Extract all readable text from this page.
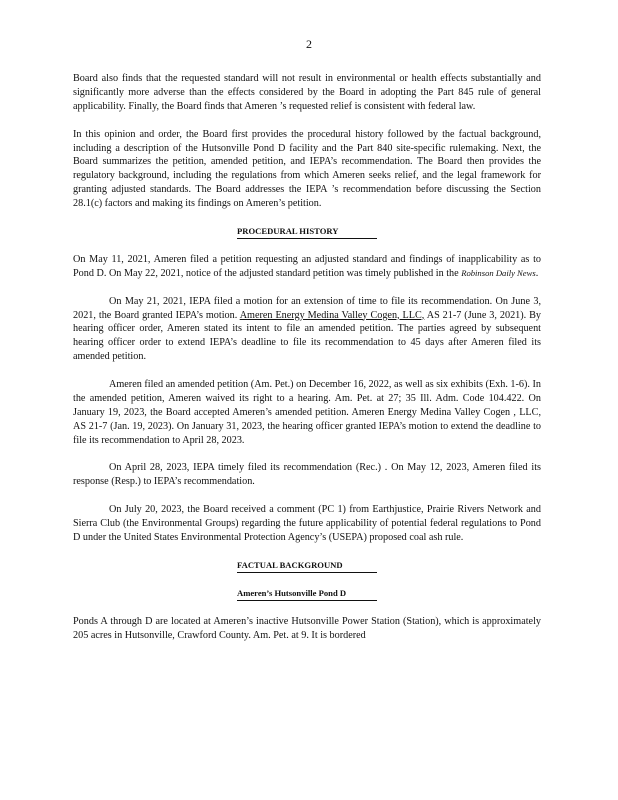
2

Board also finds that the requested standard will not result in environmental or health effects substantially and significantly more adverse than the effects considered by the Board in adopting the Part 845 rule of general applicability. Finally, the Board finds that Ameren ’s requested relief is consistent with federal law.

In this opinion and order, the Board first provides the procedural history followed by the factual background, including a description of the Hutsonville Pond D facility and the Part 840 site-specific rulemaking. Next, the Board summarizes the petition, amended petition, and IEPA’s recommendation. The Board then provides the regulatory background, including the regulations from which Ameren seeks relief, and the legal framework for granting adjusted standards. The Board addresses the IEPA ’s recommendation before discussing the Section 28.1(c) factors and making its findings on Ameren’s petition.

PROCEDURAL HISTORY

On May 11, 2021, Ameren filed a petition requesting an adjusted standard and findings of inapplicability as to Pond D. On May 22, 2021, notice of the adjusted standard petition was timely published in the Robinson Daily News.

On May 21, 2021, IEPA filed a motion for an extension of time to file its recommendation. On June 3, 2021, the Board granted IEPA’s motion. Ameren Energy Medina Valley Cogen, LLC, AS 21-7 (June 3, 2021). By hearing officer order, Ameren stated its intent to file an amended petition. The parties agreed by subsequent hearing officer order to extend IEPA’s deadline to file its recommendation to 45 days after Ameren filed its amended petition.

Ameren filed an amended petition (Am. Pet.) on December 16, 2022, as well as six exhibits (Exh. 1-6). In the amended petition, Ameren waived its right to a hearing. Am. Pet. at 27; 35 Ill. Adm. Code 104.422. On January 19, 2023, the Board accepted Ameren’s amended petition. Ameren Energy Medina Valley Cogen , LLC, AS 21-7 (Jan. 19, 2023). On January 31, 2023, the hearing officer granted IEPA’s motion to extend the deadline to file its recommendation to April 28, 2023.

On April 28, 2023, IEPA timely filed its recommendation (Rec.) . On May 12, 2023, Ameren filed its response (Resp.) to IEPA’s recommendation.

On July 20, 2023, the Board received a comment (PC 1) from Earthjustice, Prairie Rivers Network and Sierra Club (the Environmental Groups) regarding the future applicability of potential federal regulations to Pond D under the United States Environmental Protection Agency’s (USEPA) proposed coal ash rule.

FACTUAL BACKGROUND
Ameren’s Hutsonville Pond D

Ponds A through D are located at Ameren’s inactive Hutsonville Power Station (Station), which is approximately 205 acres in Hutsonville, Crawford County. Am. Pet. at 9. It is bordered
